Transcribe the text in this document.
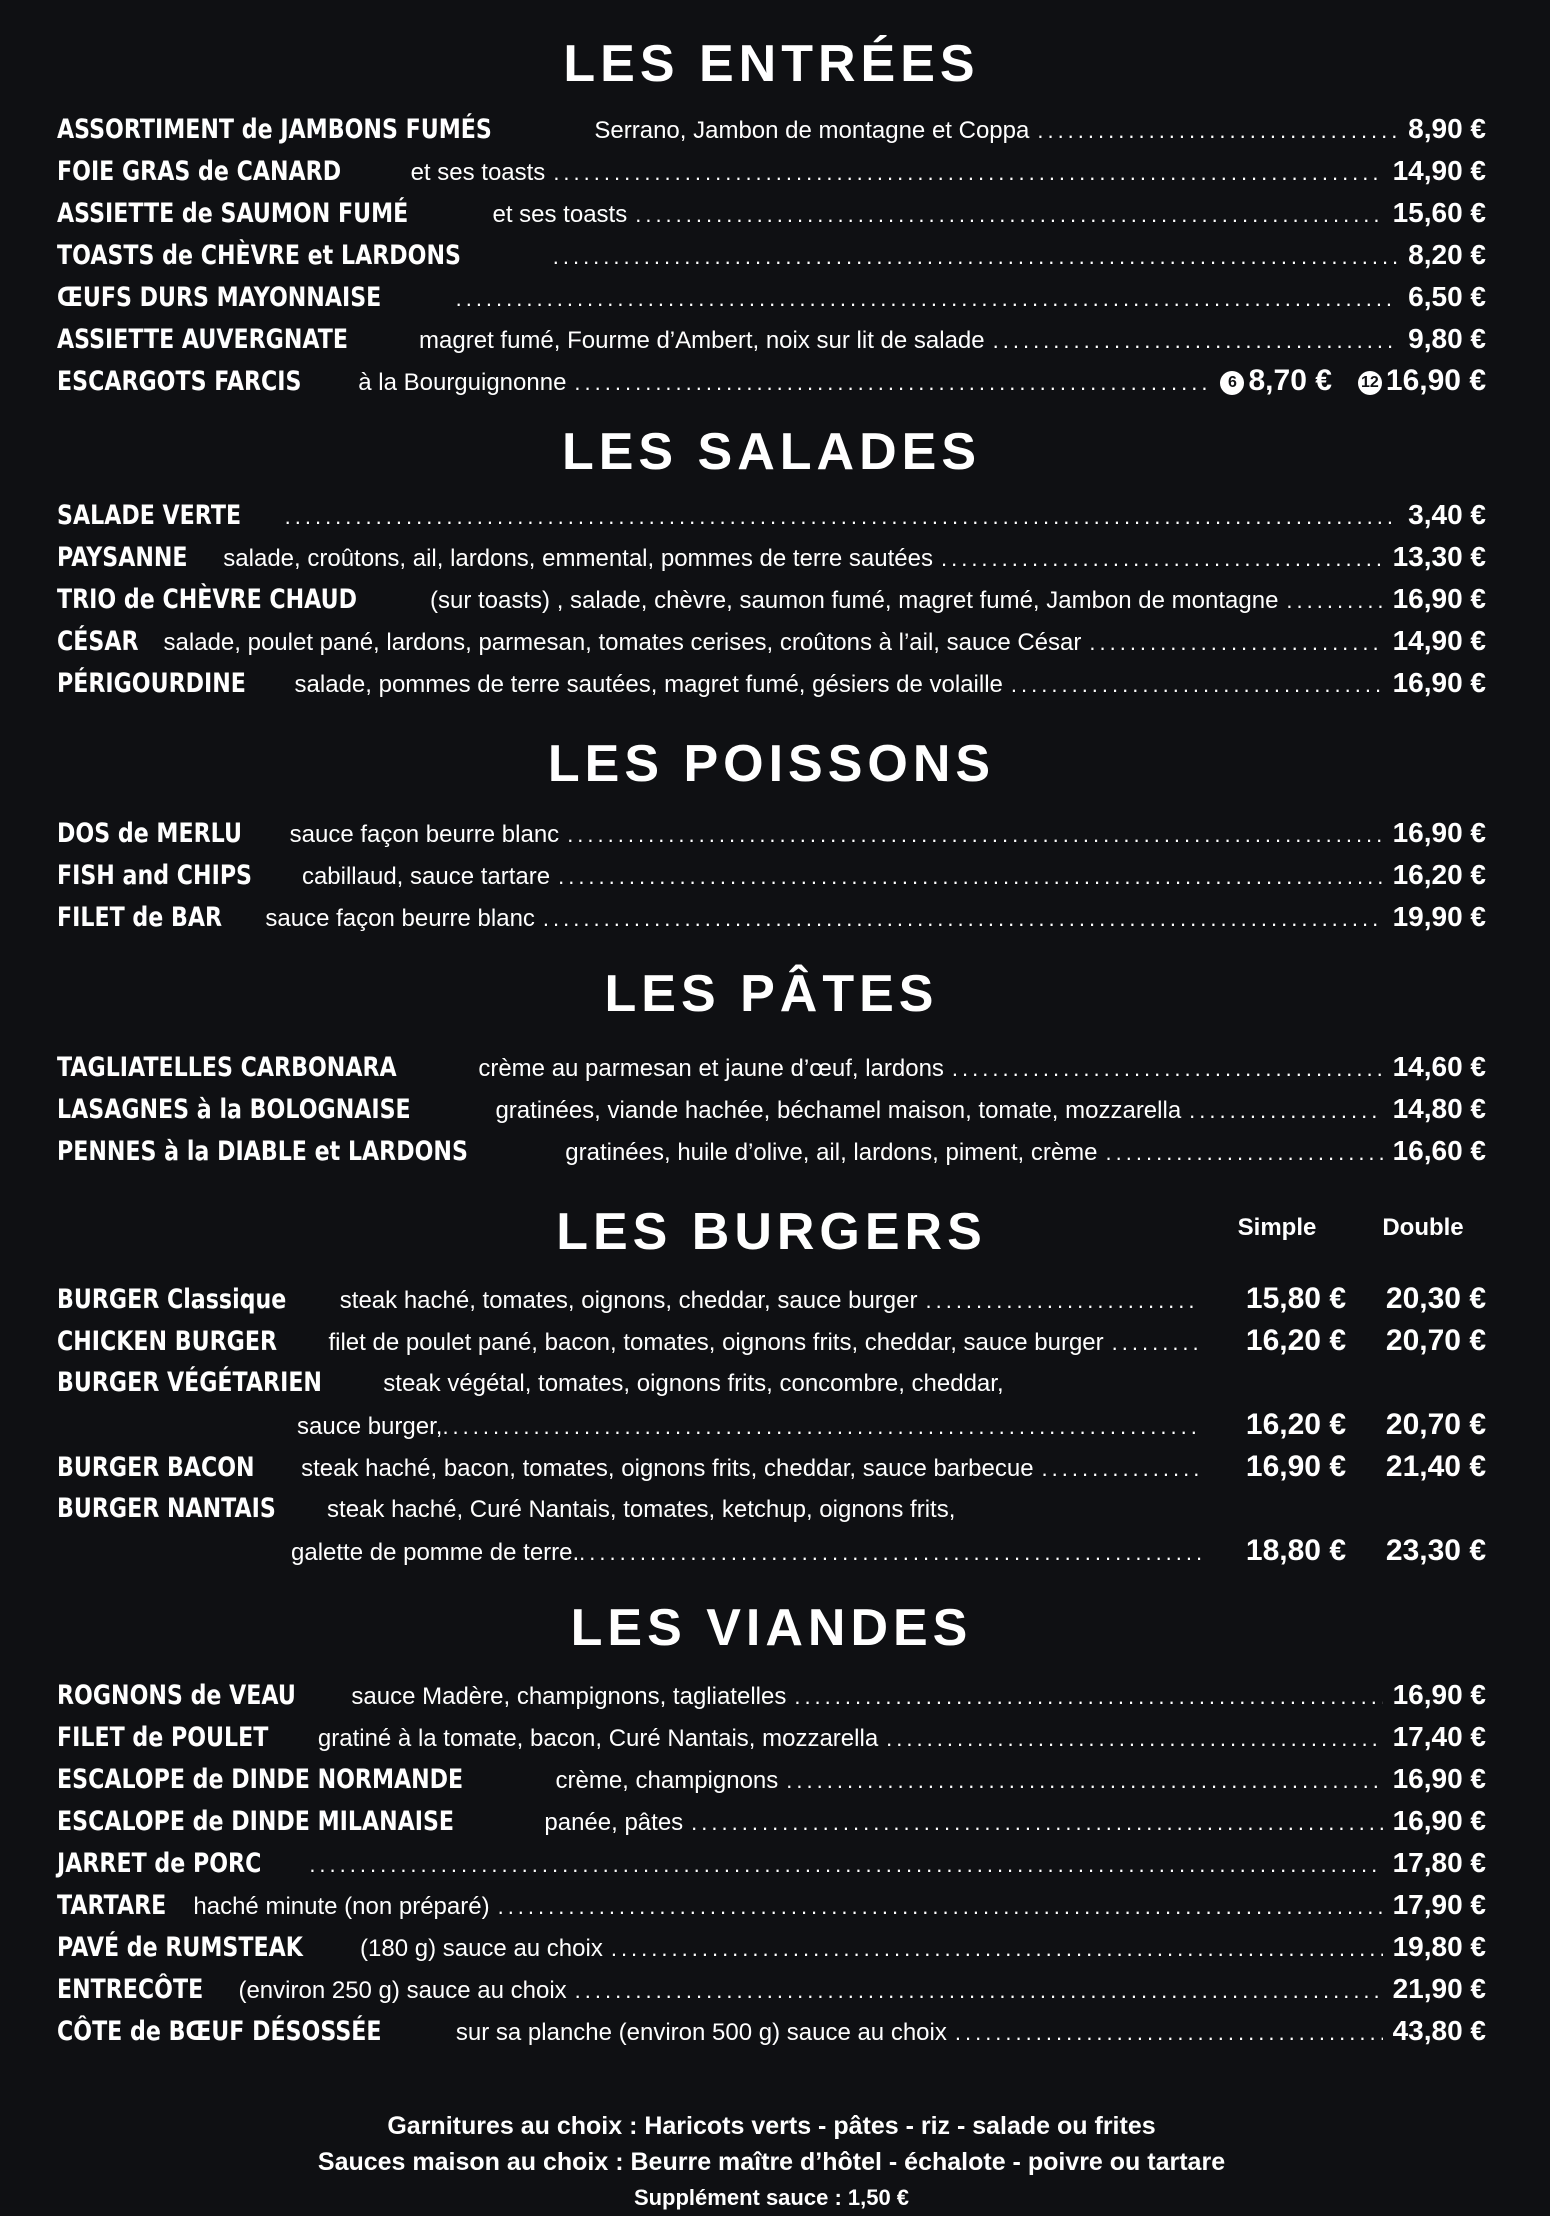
LES ENTRÉES
ASSORTIMENT de JAMBONS FUMÉS	Serrano, Jambon de montagne et Coppa .....	8,90 €
FOIE GRAS de CANARD	et ses toasts .....	14,90 €
ASSIETTE de SAUMON FUMÉ	et ses toasts .....	15,60 €
TOASTS de CHÈVRE et LARDONS .....	8,20 €
ŒUFS DURS MAYONNAISE .....	6,50 €
ASSIETTE AUVERGNATE	magret fumé, Fourme d’Ambert, noix sur lit de salade .....	9,80 €
ESCARGOTS FARCIS	à la Bourguignonne .....	6 8,70 € 12 16,90 €
LES SALADES
SALADE VERTE .....	3,40 €
PAYSANNE	salade, croûtons, ail, lardons, emmental, pommes de terre sautées .....	13,30 €
TRIO de CHÈVRE CHAUD	(sur toasts) , salade, chèvre, saumon fumé, magret fumé, Jambon de montagne .....	16,90 €
CÉSAR	salade, poulet pané, lardons, parmesan, tomates cerises, croûtons à l’ail, sauce César .....	14,90 €
PÉRIGOURDINE	salade, pommes de terre sautées, magret fumé, gésiers de volaille .....	16,90 €
LES POISSONS
DOS de MERLU	sauce façon beurre blanc .....	16,90 €
FISH and CHIPS	cabillaud, sauce tartare .....	16,20 €
FILET de BAR	sauce façon beurre blanc .....	19,90 €
LES PÂTES
TAGLIATELLES CARBONARA	crème au parmesan et jaune d’œuf, lardons .....	14,60 €
LASAGNES à la BOLOGNAISE	gratinées, viande hachée, béchamel maison, tomate, mozzarella .....	14,80 €
PENNES à la DIABLE et LARDONS	gratinées, huile d’olive, ail, lardons, piment, crème .....	16,60 €
LES BURGERS	Simple	Double
BURGER Classique	steak haché, tomates, oignons, cheddar, sauce burger .....	15,80 €	20,30 €
CHICKEN BURGER	filet de poulet pané, bacon, tomates, oignons frits, cheddar, sauce burger .....	16,20 €	20,70 €
BURGER VÉGÉTARIEN	steak végétal, tomates, oignons frits, concombre, cheddar,
sauce burger, .....	16,20 €	20,70 €
BURGER BACON	steak haché, bacon, tomates, oignons frits, cheddar, sauce barbecue .....	16,90 €	21,40 €
BURGER NANTAIS	steak haché, Curé Nantais, tomates, ketchup, oignons frits,
galette de pomme de terre. .....	18,80 €	23,30 €
LES VIANDES
ROGNONS de VEAU	sauce Madère, champignons, tagliatelles .....	16,90 €
FILET de POULET	gratiné à la tomate, bacon, Curé Nantais, mozzarella .....	17,40 €
ESCALOPE de DINDE NORMANDE	crème, champignons .....	16,90 €
ESCALOPE de DINDE MILANAISE	panée, pâtes .....	16,90 €
JARRET de PORC .....	17,80 €
TARTARE	haché minute (non préparé) .....	17,90 €
PAVÉ de RUMSTEAK	(180 g) sauce au choix .....	19,80 €
ENTRECÔTE	(environ 250 g) sauce au choix .....	21,90 €
CÔTE de BŒUF DÉSOSSÉE	sur sa planche (environ 500 g) sauce au choix .....	43,80 €
Garnitures au choix : Haricots verts - pâtes - riz - salade ou frites
Sauces maison au choix : Beurre maître d’hôtel - échalote - poivre ou tartare
Supplément sauce : 1,50 €
